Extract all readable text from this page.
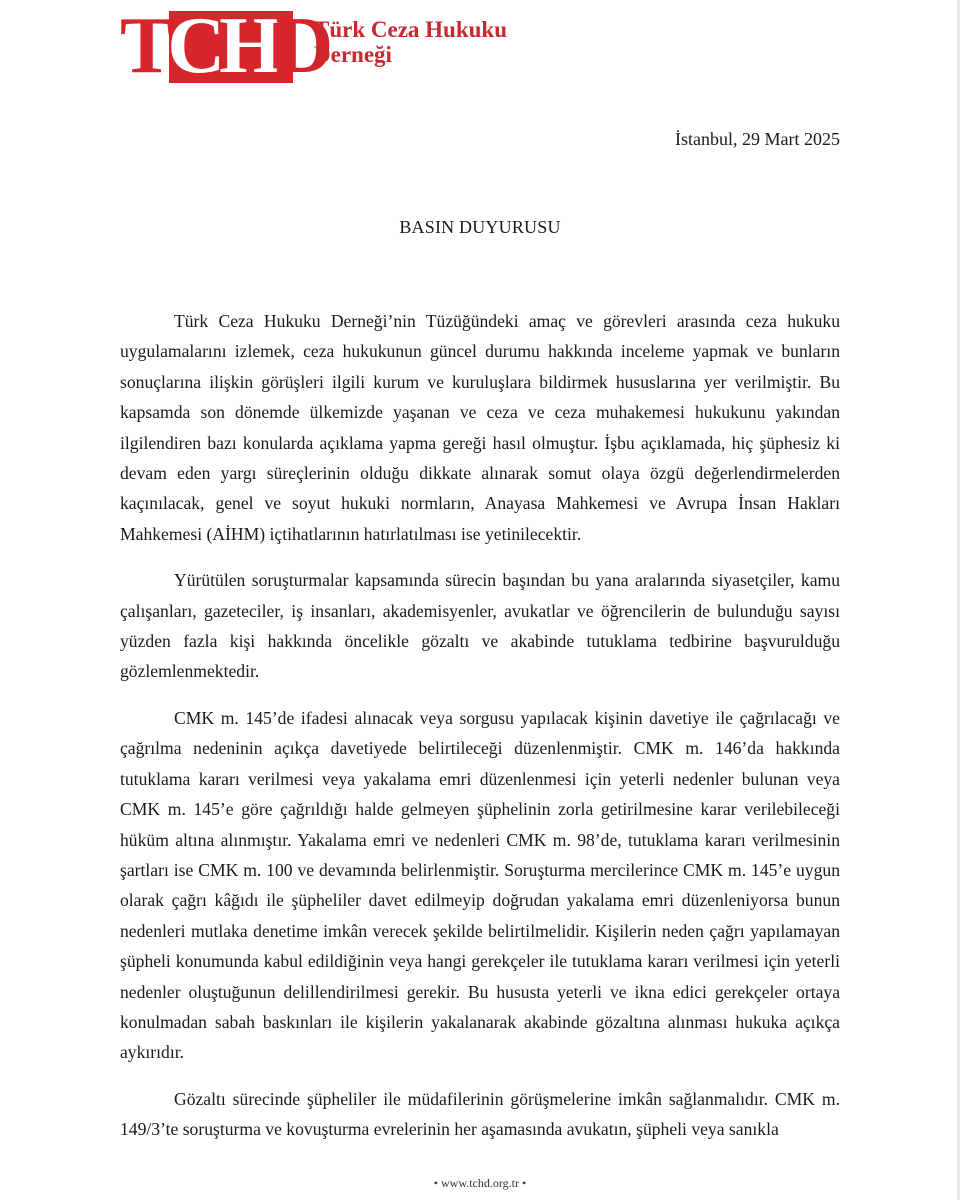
TCHD
Türk Ceza Hukuku
Derneği
İstanbul, 29 Mart 2025
BASIN DUYURUSU

Türk Ceza Hukuku Derneği’nin Tüzüğündeki amaç ve görevleri arasında ceza hukuku uygulamalarını izlemek, ceza hukukunun güncel durumu hakkında inceleme yapmak ve bunların sonuçlarına ilişkin görüşleri ilgili kurum ve kuruluşlara bildirmek hususlarına yer verilmiştir. Bu kapsamda son dönemde ülkemizde yaşanan ve ceza ve ceza muhakemesi hukukunu yakından ilgilendiren bazı konularda açıklama yapma gereği hasıl olmuştur. İşbu açıklamada, hiç şüphesiz ki devam eden yargı süreçlerinin olduğu dikkate alınarak somut olaya özgü değerlendirmelerden kaçınılacak, genel ve soyut hukuki normların, Anayasa Mahkemesi ve Avrupa İnsan Hakları Mahkemesi (AİHM) içtihatlarının hatırlatılması ise yetinilecektir.

Yürütülen soruşturmalar kapsamında sürecin başından bu yana aralarında siyasetçiler, kamu çalışanları, gazeteciler, iş insanları, akademisyenler, avukatlar ve öğrencilerin de bulunduğu sayısı yüzden fazla kişi hakkında öncelikle gözaltı ve akabinde tutuklama tedbirine başvurulduğu gözlemlenmektedir.

CMK m. 145’de ifadesi alınacak veya sorgusu yapılacak kişinin davetiye ile çağrılacağı ve çağrılma nedeninin açıkça davetiyede belirtileceği düzenlenmiştir. CMK m. 146’da hakkında tutuklama kararı verilmesi veya yakalama emri düzenlenmesi için yeterli nedenler bulunan veya CMK m. 145’e göre çağrıldığı halde gelmeyen şüphelinin zorla getirilmesine karar verilebileceği hüküm altına alınmıştır. Yakalama emri ve nedenleri CMK m. 98’de, tutuklama kararı verilmesinin şartları ise CMK m. 100 ve devamında belirlenmiştir. Soruşturma mercilerince CMK m. 145’e uygun olarak çağrı kâğıdı ile şüpheliler davet edilmeyip doğrudan yakalama emri düzenleniyorsa bunun nedenleri mutlaka denetime imkân verecek şekilde belirtilmelidir. Kişilerin neden çağrı yapılamayan şüpheli konumunda kabul edildiğinin veya hangi gerekçeler ile tutuklama kararı verilmesi için yeterli nedenler oluştuğunun delillendirilmesi gerekir. Bu hususta yeterli ve ikna edici gerekçeler ortaya konulmadan sabah baskınları ile kişilerin yakalanarak akabinde gözaltına alınması hukuka açıkça aykırıdır.

Gözaltı sürecinde şüpheliler ile müdafilerinin görüşmelerine imkân sağlanmalıdır. CMK m. 149/3’te soruşturma ve kovuşturma evrelerinin her aşamasında avukatın, şüpheli veya sanıkla

• www.tchd.org.tr •
